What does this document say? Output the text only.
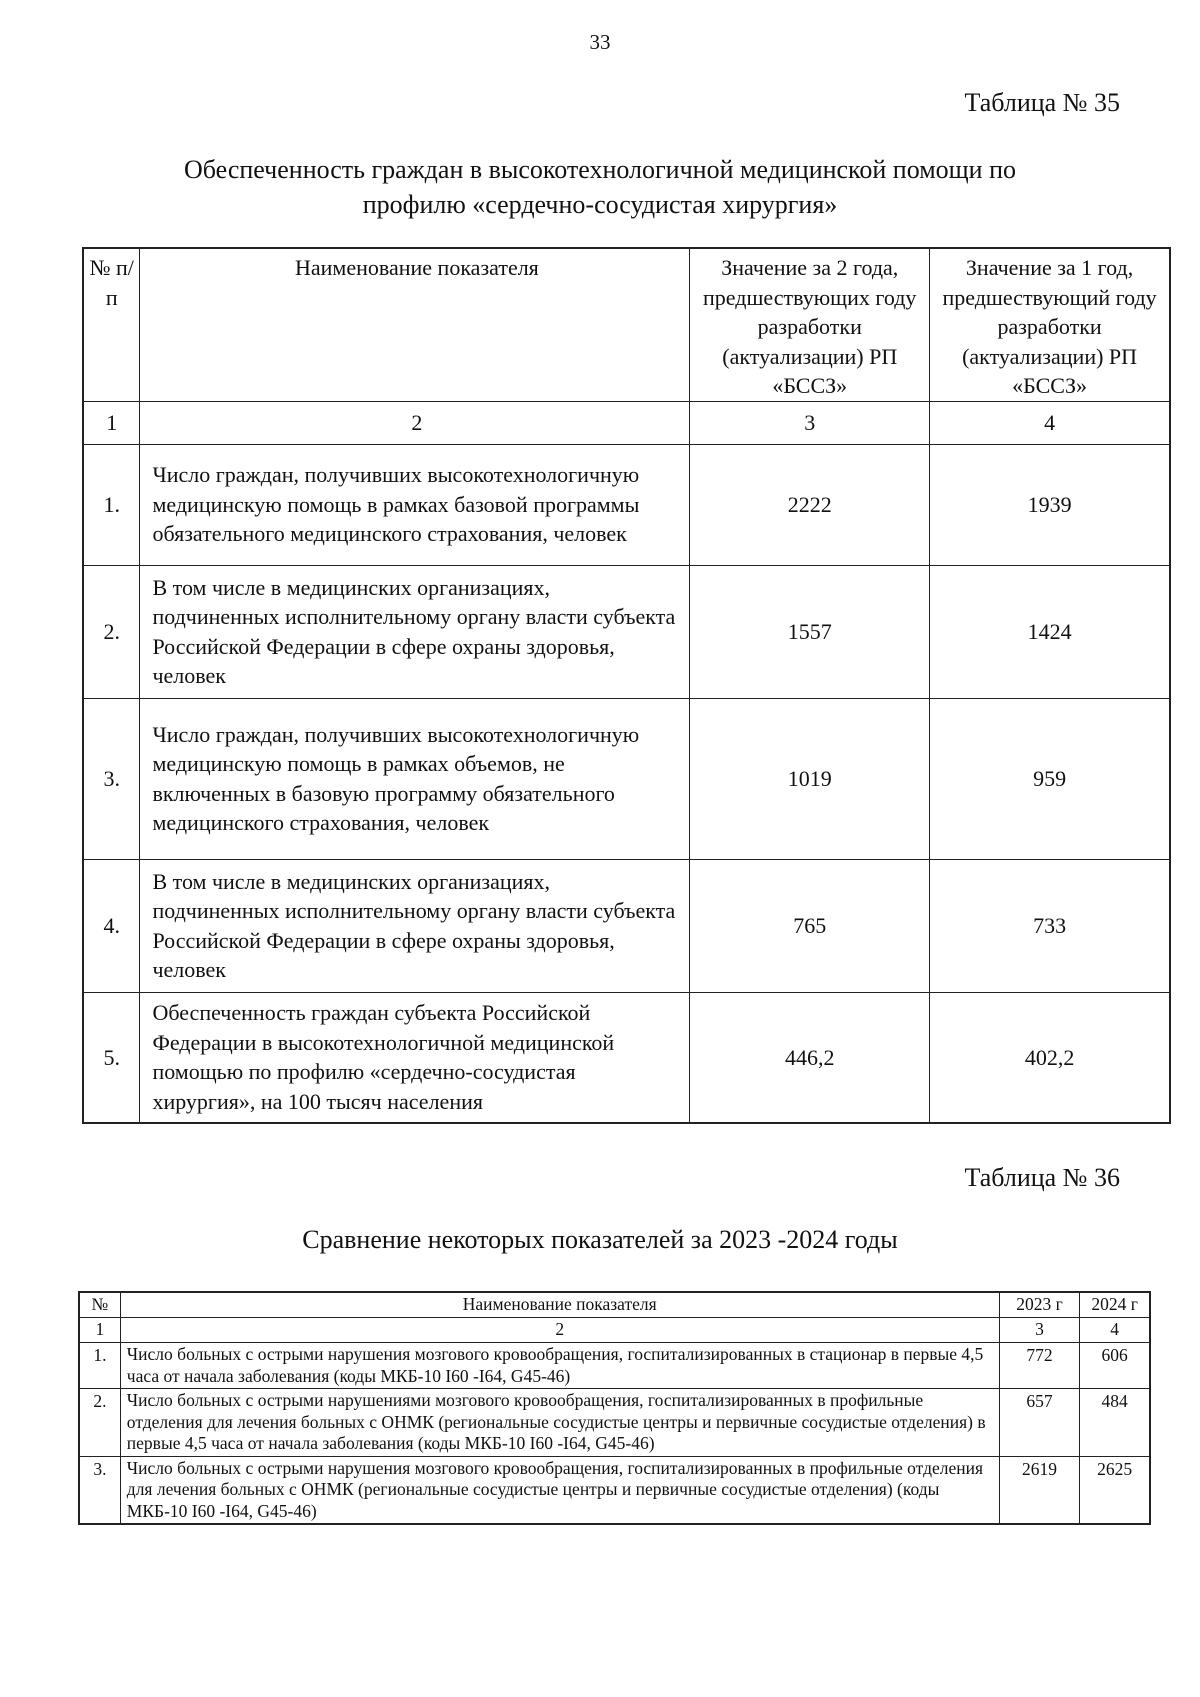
33
Таблица № 35
Обеспеченность граждан в высокотехнологичной медицинской помощи по
профилю «сердечно-сосудистая хирургия»
№ п/п	Наименование показателя	Значение за 2 года, предшествующих году разработки (актуализации) РП «БССЗ»	Значение за 1 год, предшествующий году разработки (актуализации) РП «БССЗ»
1	2	3	4
1.	Число граждан, получивших высокотехнологичную медицинскую помощь в рамках базовой программы обязательного медицинского страхования, человек	2222	1939
2.	В том числе в медицинских организациях, подчиненных исполнительному органу власти субъекта Российской Федерации в сфере охраны здоровья, человек	1557	1424
3.	Число граждан, получивших высокотехнологичную медицинскую помощь в рамках объемов, не включенных в базовую программу обязательного медицинского страхования, человек	1019	959
4.	В том числе в медицинских организациях, подчиненных исполнительному органу власти субъекта Российской Федерации в сфере охраны здоровья, человек	765	733
5.	Обеспеченность граждан субъекта Российской Федерации в высокотехнологичной медицинской помощью по профилю «сердечно-сосудистая хирургия», на 100 тысяч населения	446,2	402,2
Таблица № 36
Сравнение некоторых показателей за 2023 -2024 годы
№	Наименование показателя	2023 г	2024 г
1	2	3	4
1.	Число больных с острыми нарушения мозгового кровообращения, госпитализированных в стационар в первые 4,5 часа от начала заболевания (коды МКБ-10 I60 -I64, G45-46)	772	606
2.	Число больных с острыми нарушениями мозгового кровообращения, госпитализированных в профильные отделения для лечения больных с ОНМК (региональные сосудистые центры и первичные сосудистые отделения) в первые 4,5 часа от начала заболевания (коды МКБ-10 I60 -I64, G45-46)	657	484
3.	Число больных с острыми нарушения мозгового кровообращения, госпитализированных в профильные отделения для лечения больных с ОНМК (региональные сосудистые центры и первичные сосудистые отделения) (коды МКБ-10 I60 -I64, G45-46)	2619	2625
